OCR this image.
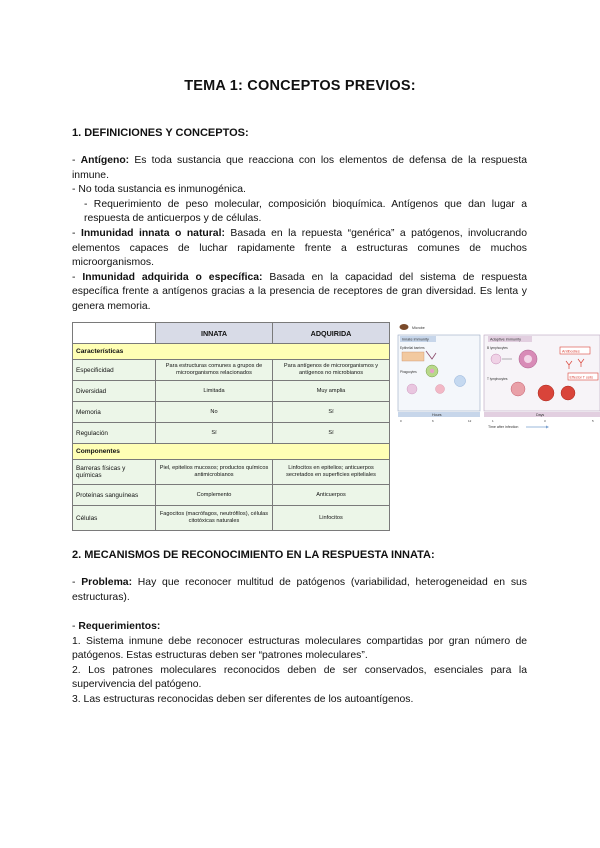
TEMA 1: CONCEPTOS PREVIOS:
1. DEFINICIONES Y CONCEPTOS:

- Antígeno: Es toda sustancia que reacciona con los elementos de defensa de la respuesta inmune.

- No toda sustancia es inmunogénica.

- Requerimiento de peso molecular, composición bioquímica. Antígenos que dan lugar a respuesta de anticuerpos y de células.

- Inmunidad innata o natural: Basada en la repuesta “genérica” a patógenos, involucrando elementos capaces de luchar rapidamente frente a estructuras comunes de muchos microorganismos.

- Inmunidad adquirida o específica: Basada en la capacidad del sistema de respuesta específica frente a antígenos gracias a la presencia de receptores de gran diversidad. Es lenta y genera memoria.

	INNATA	ADQUIRIDA
Características		
Especificidad	Para estructuras comunes a grupos de microorganismos relacionados	Para antígenos de microorganismos y antígenos no microbianos
Diversidad	Limitada	Muy amplia
Memoria	No	Sí
Regulación	Sí	Sí
Componentes		
Barreras físicas y químicas	Piel, epitelios mucosos; productos químicos antimicrobianos	Linfocitos en epitelios; anticuerpos secretados en superficies epiteliales
Proteínas sanguíneas	Complemento	Anticuerpos
Células	Fagocitos (macrófagos, neutrófilos), células citotóxicas naturales	Linfocitos
Microbe
Innate immunity	Adaptive immunity
Epithelial barriers
Phagocytes
B lymphocytes
Antibodies
T lymphocytes	Effector T cells
Hours	Days
0	6	12	1	3	5
Time after infection
2. MECANISMOS DE RECONOCIMIENTO EN LA RESPUESTA INNATA:

- Problema: Hay que reconocer multitud de patógenos (variabilidad, heterogeneidad en sus estructuras).

- Requerimientos:

1. Sistema inmune debe reconocer estructuras moleculares compartidas por gran número de patógenos. Estas estructuras deben ser “patrones moleculares”.

2. Los patrones moleculares reconocidos deben de ser conservados, esenciales para la supervivencia del patógeno.

3. Las estructuras reconocidas deben ser diferentes de los autoantígenos.
